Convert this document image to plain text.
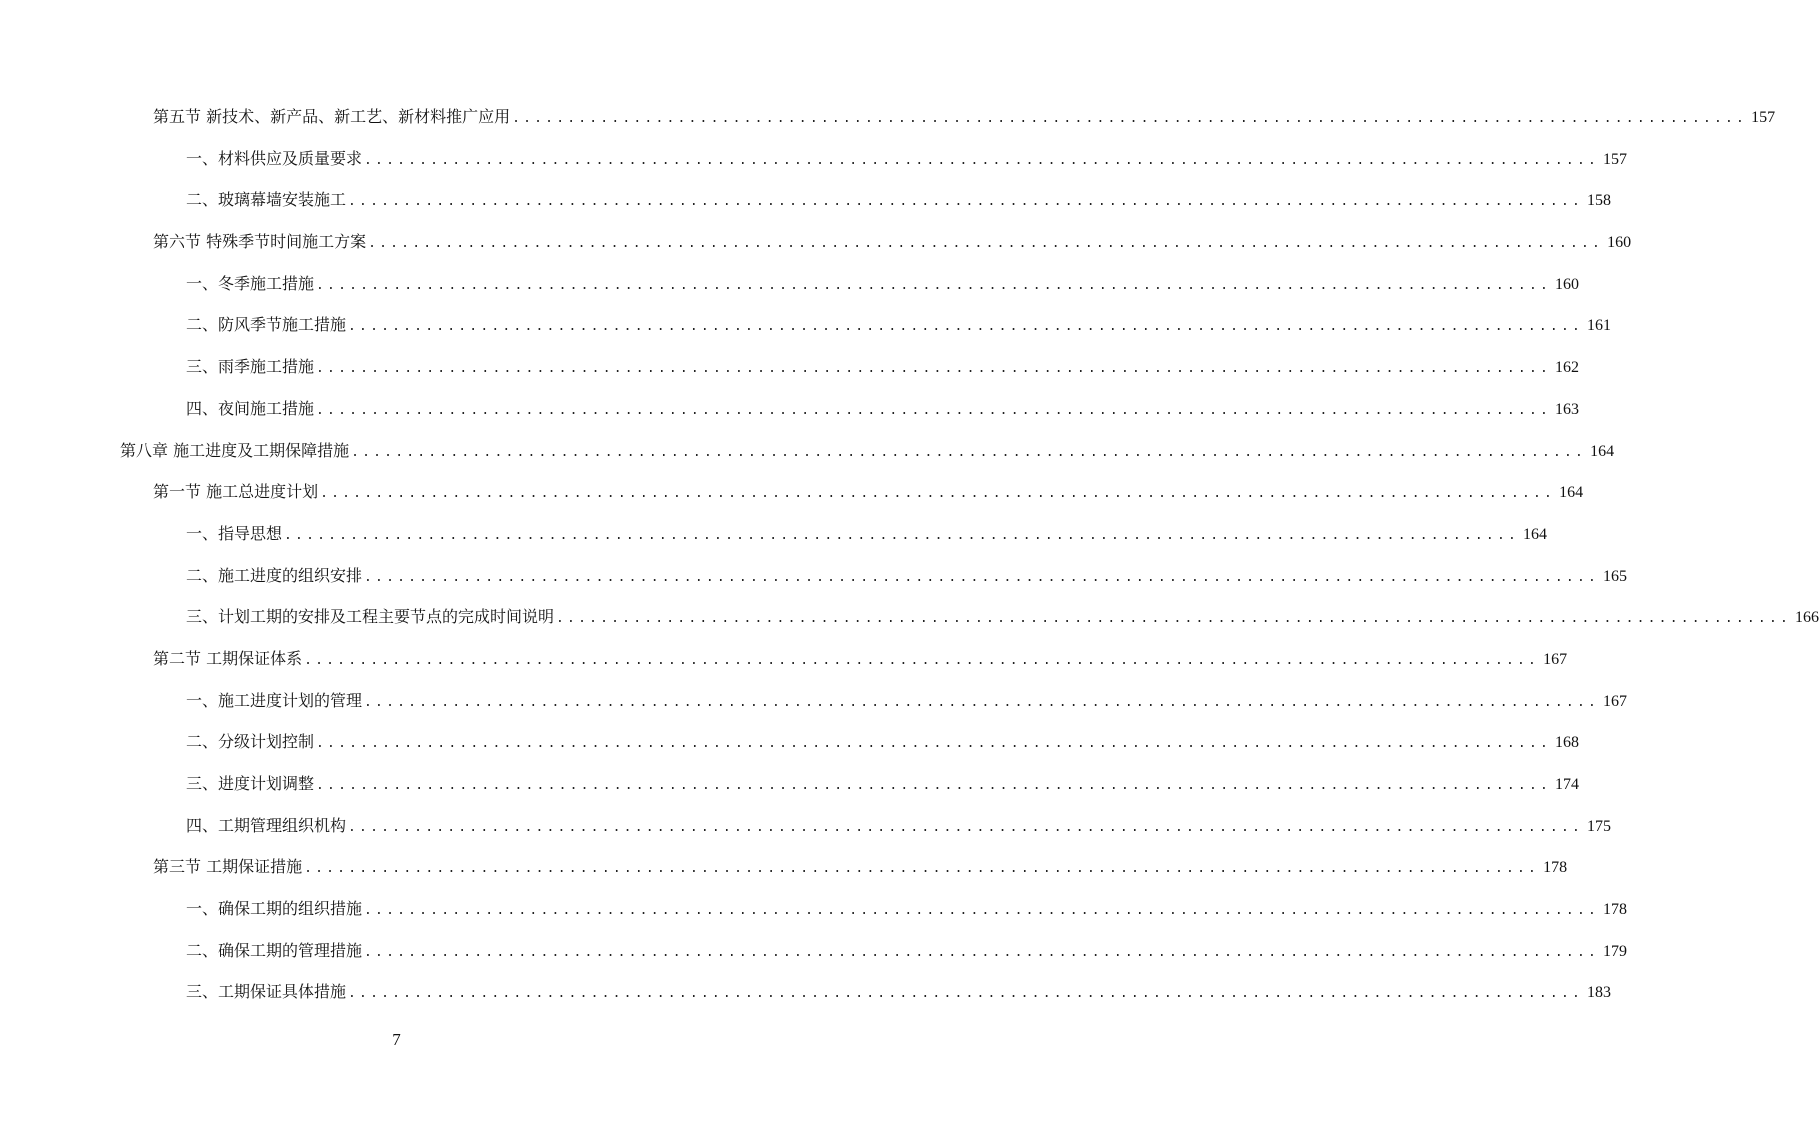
第五节 新技术、新产品、新工艺、新材料推广应用 ................................................................................................................ 157
一、材料供应及质量要求 ................................................................................................................ 157
二、玻璃幕墙安装施工 ................................................................................................................ 158
第六节 特殊季节时间施工方案 ................................................................................................................ 160
一、冬季施工措施 ................................................................................................................ 160
二、防风季节施工措施 ................................................................................................................ 161
三、雨季施工措施 ................................................................................................................ 162
四、夜间施工措施 ................................................................................................................ 163
第八章 施工进度及工期保障措施 ................................................................................................................ 164
第一节 施工总进度计划 ................................................................................................................ 164
一、指导思想 ................................................................................................................ 164
二、施工进度的组织安排 ................................................................................................................ 165
三、计划工期的安排及工程主要节点的完成时间说明 ................................................................................................................ 166
第二节 工期保证体系 ................................................................................................................ 167
一、施工进度计划的管理 ................................................................................................................ 167
二、分级计划控制 ................................................................................................................ 168
三、进度计划调整 ................................................................................................................ 174
四、工期管理组织机构 ................................................................................................................ 175
第三节 工期保证措施 ................................................................................................................ 178
一、确保工期的组织措施 ................................................................................................................ 178
二、确保工期的管理措施 ................................................................................................................ 179
三、工期保证具体措施 ................................................................................................................ 183
7
